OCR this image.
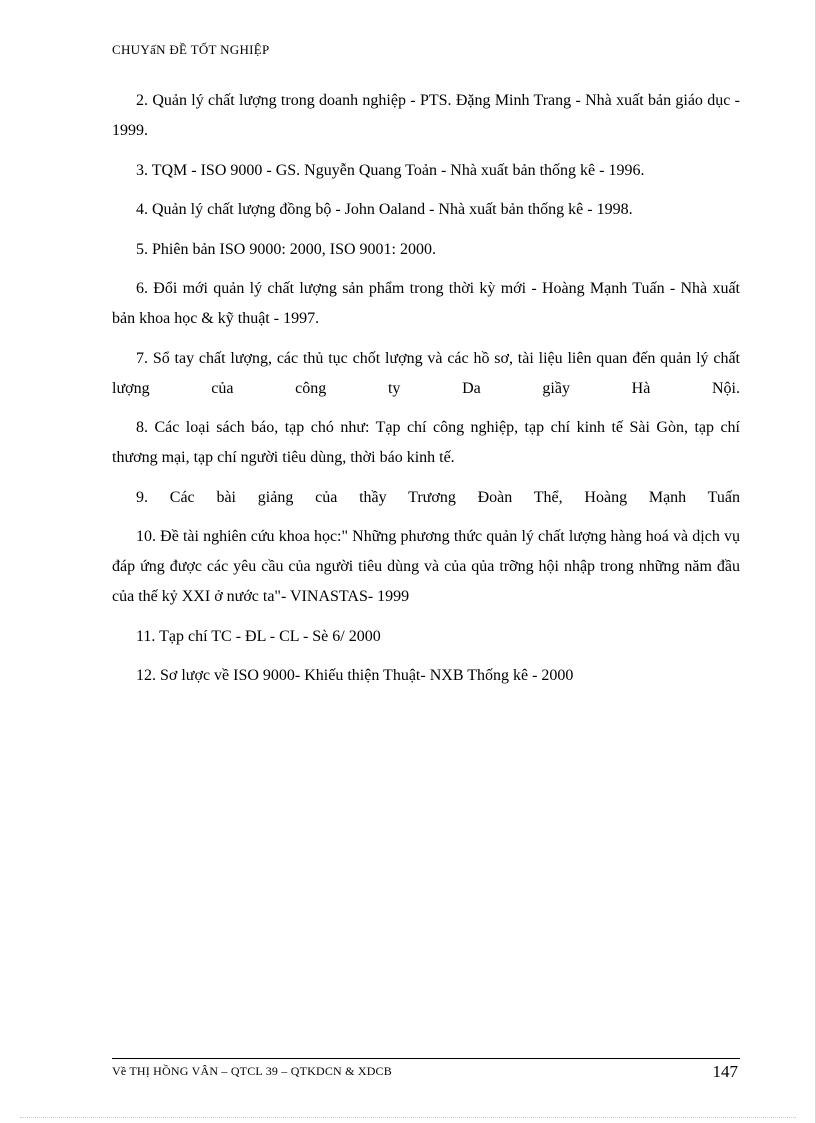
CHUYấN ĐỀ TỐT NGHIỆP

2. Quản lý chất lượng trong doanh nghiệp - PTS. Đặng Minh Trang - Nhà xuất bản giáo dục - 1999.

3. TQM - ISO 9000 - GS. Nguyễn Quang Toản - Nhà xuất bản thống kê - 1996.

4. Quản lý chất lượng đồng bộ - John Oaland - Nhà xuất bản thống kê - 1998.

5. Phiên bản ISO 9000: 2000, ISO 9001: 2000.

6. Đổi mới quản lý chất lượng sản phẩm trong thời kỳ mới - Hoàng Mạnh Tuấn - Nhà xuất bản khoa học & kỹ thuật - 1997.

7. Sổ tay chất lượng, các thủ tục chốt lượng và các hồ sơ, tài liệu liên quan đến quản lý chất lượng của công ty Da giầy Hà Nội.

8. Các loại sách báo, tạp chó như: Tạp chí công nghiệp, tạp chí kinh tế Sài Gòn, tạp chí thương mại, tạp chí người tiêu dùng, thời báo kinh tế.

9. Các bài giảng của thầy Trương Đoàn Thể, Hoàng Mạnh Tuấn

10. Đề tài nghiên cứu khoa học:" Những phương thức quản lý chất lượng hàng hoá và dịch vụ đáp ứng được các yêu cầu của người tiêu dùng và của qủa trỡng hội nhập trong những năm đầu của thế kỷ XXI ở nước ta"- VINASTAS- 1999

11. Tạp chí TC - ĐL - CL - Sè 6/ 2000

12. Sơ lược về ISO 9000- Khiếu thiện Thuật- NXB Thống kê - 2000

Về THỊ HỒNG VÂN – QTCL 39 – QTKDCN & XDCB	147
